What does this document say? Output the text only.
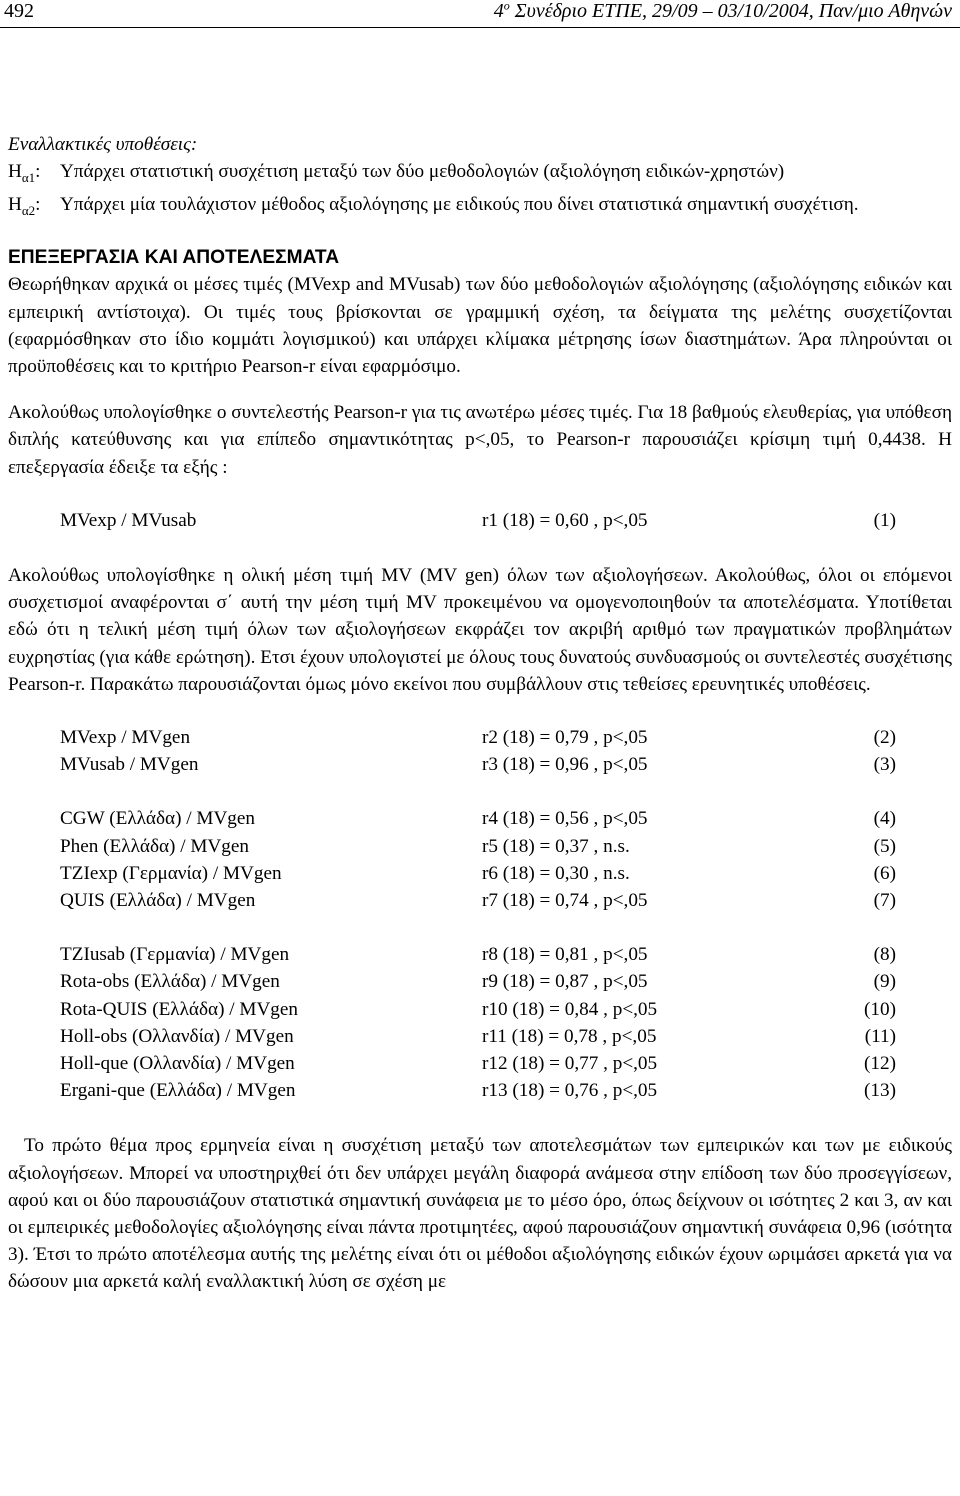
492	$4^o$ Συνέδριο ΕΤΠΕ, 29/09 – 03/10/2004, Παν/μιο Αθηνών
Εναλλακτικές υποθέσεις:
$H_{\alpha 1}$:	Υπάρχει στατιστική συσχέτιση μεταξύ των δύο μεθοδολογιών (αξιολόγηση ειδικών-χρηστών)
$H_{\alpha 2}$:	Υπάρχει μία τουλάχιστον μέθοδος αξιολόγησης με ειδικούς που δίνει στατιστικά σημαντική συσχέτιση.
ΕΠΕΞΕΡΓΑΣΙΑ ΚΑΙ ΑΠΟΤΕΛΕΣΜΑΤΑ

Θεωρήθηκαν αρχικά οι μέσες τιμές (MVexp and MVusab) των δύο μεθοδολογιών αξιολόγησης (αξιολόγησης ειδικών και εμπειρική αντίστοιχα). Οι τιμές τους βρίσκονται σε γραμμική σχέση, τα δείγματα της μελέτης συσχετίζονται (εφαρμόσθηκαν στο ίδιο κομμάτι λογισμικού) και υπάρχει κλίμακα μέτρησης ίσων διαστημάτων. Άρα πληρούνται οι προϋποθέσεις και το κριτήριο Pearson-r είναι εφαρμόσιμο.

Ακολούθως υπολογίσθηκε ο συντελεστής Pearson-r για τις ανωτέρω μέσες τιμές. Για 18 βαθμούς ελευθερίας, για υπόθεση διπλής κατεύθυνσης και για επίπεδο σημαντικότητας p<,05, το Pearson-r παρουσιάζει κρίσιμη τιμή 0,4438. Η επεξεργασία έδειξε τα εξής :

MVexp / MVusab	r1 (18) = 0,60 , p<,05	(1)

Ακολούθως υπολογίσθηκε η ολική μέση τιμή MV (MV gen) όλων των αξιολογήσεων. Ακολούθως, όλοι οι επόμενοι συσχετισμοί αναφέρονται σ΄ αυτή την μέση τιμή MV προκειμένου να ομογενοποιηθούν τα αποτελέσματα. Υποτίθεται εδώ ότι η τελική μέση τιμή όλων των αξιολογήσεων εκφράζει τον ακριβή αριθμό των πραγματικών προβλημάτων ευχρηστίας (για κάθε ερώτηση). Ετσι έχουν υπολογιστεί με όλους τους δυνατούς συνδυασμούς οι συντελεστές συσχέτισης Pearson-r. Παρακάτω παρουσιάζονται όμως μόνο εκείνοι που συμβάλλουν στις τεθείσες ερευνητικές υποθέσεις.

MVexp / MVgen	r2 (18) = 0,79 , p<,05	(2)
MVusab / MVgen	r3 (18) = 0,96 , p<,05	(3)
CGW (Ελλάδα) / MVgen	r4 (18) = 0,56 , p<,05	(4)
Phen (Ελλάδα) / MVgen	r5 (18) = 0,37 , n.s.	(5)
TZIexp (Γερμανία) / MVgen	r6 (18) = 0,30 , n.s.	(6)
QUIS (Ελλάδα) / MVgen	r7 (18) = 0,74 , p<,05	(7)
TZIusab (Γερμανία) / MVgen	r8 (18) = 0,81 , p<,05	(8)
Rota-obs (Ελλάδα) / MVgen	r9 (18) = 0,87 , p<,05	(9)
Rota-QUIS (Ελλάδα) / MVgen	r10 (18) = 0,84 , p<,05	(10)
Holl-obs (Ολλανδία) / MVgen	r11 (18) = 0,78 , p<,05	(11)
Holl-que (Ολλανδία) / MVgen	r12 (18) = 0,77 , p<,05	(12)
Ergani-que (Ελλάδα) / MVgen	r13 (18) = 0,76 , p<,05	(13)

Το πρώτο θέμα προς ερμηνεία είναι η συσχέτιση μεταξύ των αποτελεσμάτων των εμπειρικών και των με ειδικούς αξιολογήσεων. Μπορεί να υποστηριχθεί ότι δεν υπάρχει μεγάλη διαφορά ανάμεσα στην επίδοση των δύο προσεγγίσεων, αφού και οι δύο παρουσιάζουν στατιστικά σημαντική συνάφεια με το μέσο όρο, όπως δείχνουν οι ισότητες 2 και 3, αν και οι εμπειρικές μεθοδολογίες αξιολόγησης είναι πάντα προτιμητέες, αφού παρουσιάζουν σημαντική συνάφεια 0,96 (ισότητα 3). Έτσι το πρώτο αποτέλεσμα αυτής της μελέτης είναι ότι οι μέθοδοι αξιολόγησης ειδικών έχουν ωριμάσει αρκετά για να δώσουν μια αρκετά καλή εναλλακτική λύση σε σχέση με
